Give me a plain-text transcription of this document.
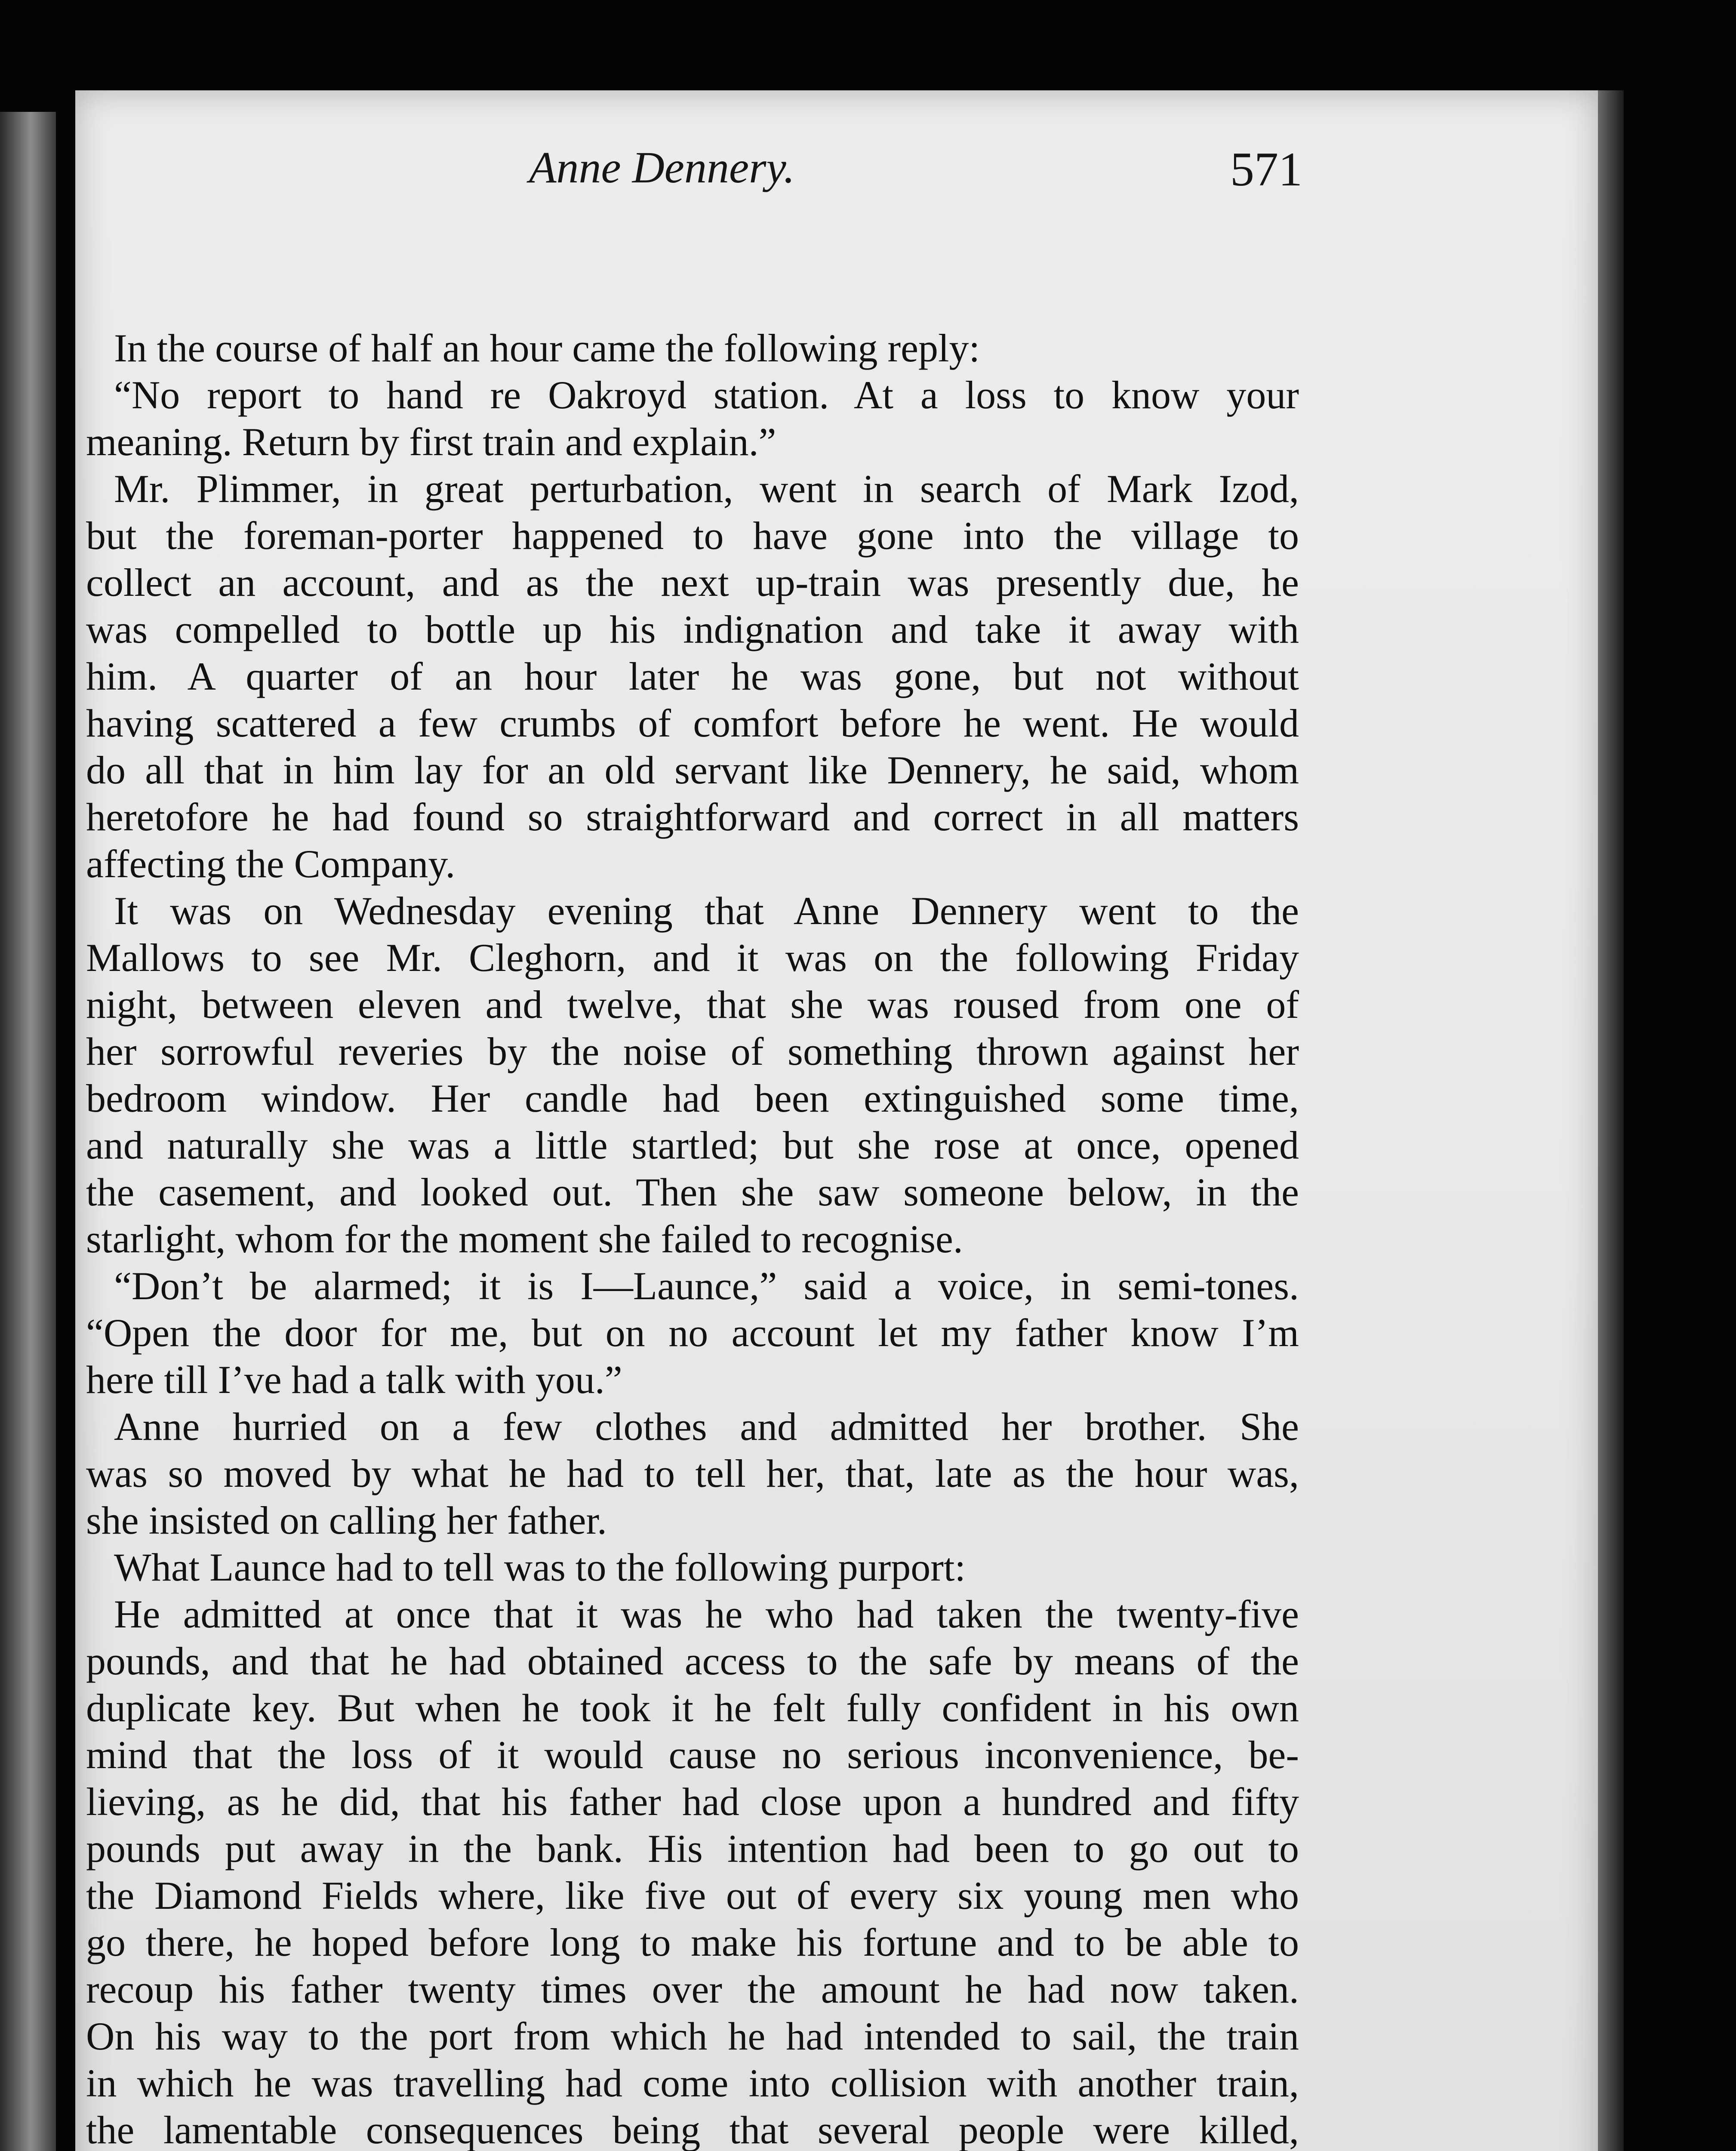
Anne Dennery.	571
In the course of half an hour came the following reply:
“No report to hand re Oakroyd station. At a loss to know your
meaning. Return by first train and explain.”
Mr. Plimmer, in great perturbation, went in search of Mark Izod,
but the foreman-porter happened to have gone into the village to
collect an account, and as the next up-train was presently due, he
was compelled to bottle up his indignation and take it away with
him. A quarter of an hour later he was gone, but not without
having scattered a few crumbs of comfort before he went. He would
do all that in him lay for an old servant like Dennery, he said, whom
heretofore he had found so straightforward and correct in all matters
affecting the Company.
It was on Wednesday evening that Anne Dennery went to the
Mallows to see Mr. Cleghorn, and it was on the following Friday
night, between eleven and twelve, that she was roused from one of
her sorrowful reveries by the noise of something thrown against her
bedroom window. Her candle had been extinguished some time,
and naturally she was a little startled; but she rose at once, opened
the casement, and looked out. Then she saw someone below, in the
starlight, whom for the moment she failed to recognise.
“Don’t be alarmed; it is I—Launce,” said a voice, in semi-tones.
“Open the door for me, but on no account let my father know I’m
here till I’ve had a talk with you.”
Anne hurried on a few clothes and admitted her brother. She
was so moved by what he had to tell her, that, late as the hour was,
she insisted on calling her father.
What Launce had to tell was to the following purport:
He admitted at once that it was he who had taken the twenty-five
pounds, and that he had obtained access to the safe by means of the
duplicate key. But when he took it he felt fully confident in his own
mind that the loss of it would cause no serious inconvenience, be-
lieving, as he did, that his father had close upon a hundred and fifty
pounds put away in the bank. His intention had been to go out to
the Diamond Fields where, like five out of every six young men who
go there, he hoped before long to make his fortune and to be able to
recoup his father twenty times over the amount he had now taken.
On his way to the port from which he had intended to sail, the train
in which he was travelling had come into collision with another train,
the lamentable consequences being that several people were killed,
